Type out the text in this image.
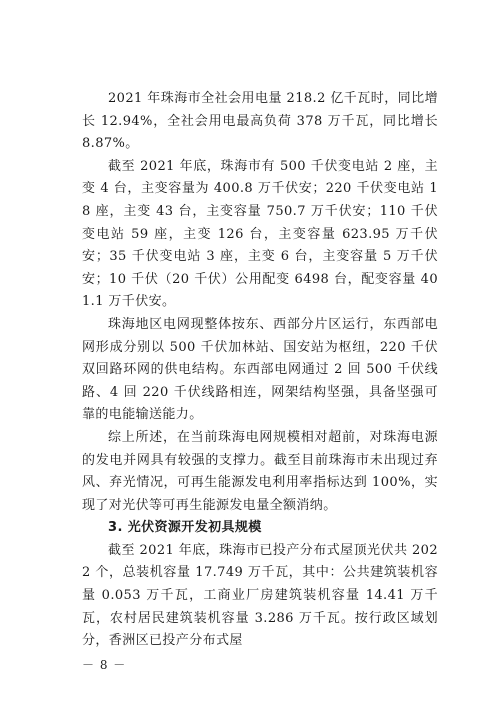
2021 年珠海市全社会用电量 218.2 亿千瓦时，同比增长 12.94%，全社会用电最高负荷 378 万千瓦，同比增长 8.87%。

截至 2021 年底，珠海市有 500 千伏变电站 2 座，主变 4 台，主变容量为 400.8 万千伏安；220 千伏变电站 18 座，主变 43 台，主变容量 750.7 万千伏安；110 千伏变电站 59 座，主变 126 台，主变容量 623.95 万千伏安；35 千伏变电站 3 座，主变 6 台，主变容量 5 万千伏安；10 千伏（20 千伏）公用配变 6498 台，配变容量 401.1 万千伏安。

珠海地区电网现整体按东、西部分片区运行，东西部电网形成分别以 500 千伏加林站、国安站为枢纽，220 千伏双回路环网的供电结构。东西部电网通过 2 回 500 千伏线路、4 回 220 千伏线路相连，网架结构坚强，具备坚强可靠的电能输送能力。

综上所述，在当前珠海电网规模相对超前，对珠海电源的发电并网具有较强的支撑力。截至目前珠海市未出现过弃风、弃光情况，可再生能源发电利用率指标达到 100%，实现了对光伏等可再生能源发电量全额消纳。

3. 光伏资源开发初具规模

截至 2021 年底，珠海市已投产分布式屋顶光伏共 2022 个，总装机容量 17.749 万千瓦，其中：公共建筑装机容量 0.053 万千瓦，工商业厂房建筑装机容量 14.41 万千瓦，农村居民建筑装机容量 3.286 万千瓦。按行政区域划分，香洲区已投产分布式屋

－ 8 －
